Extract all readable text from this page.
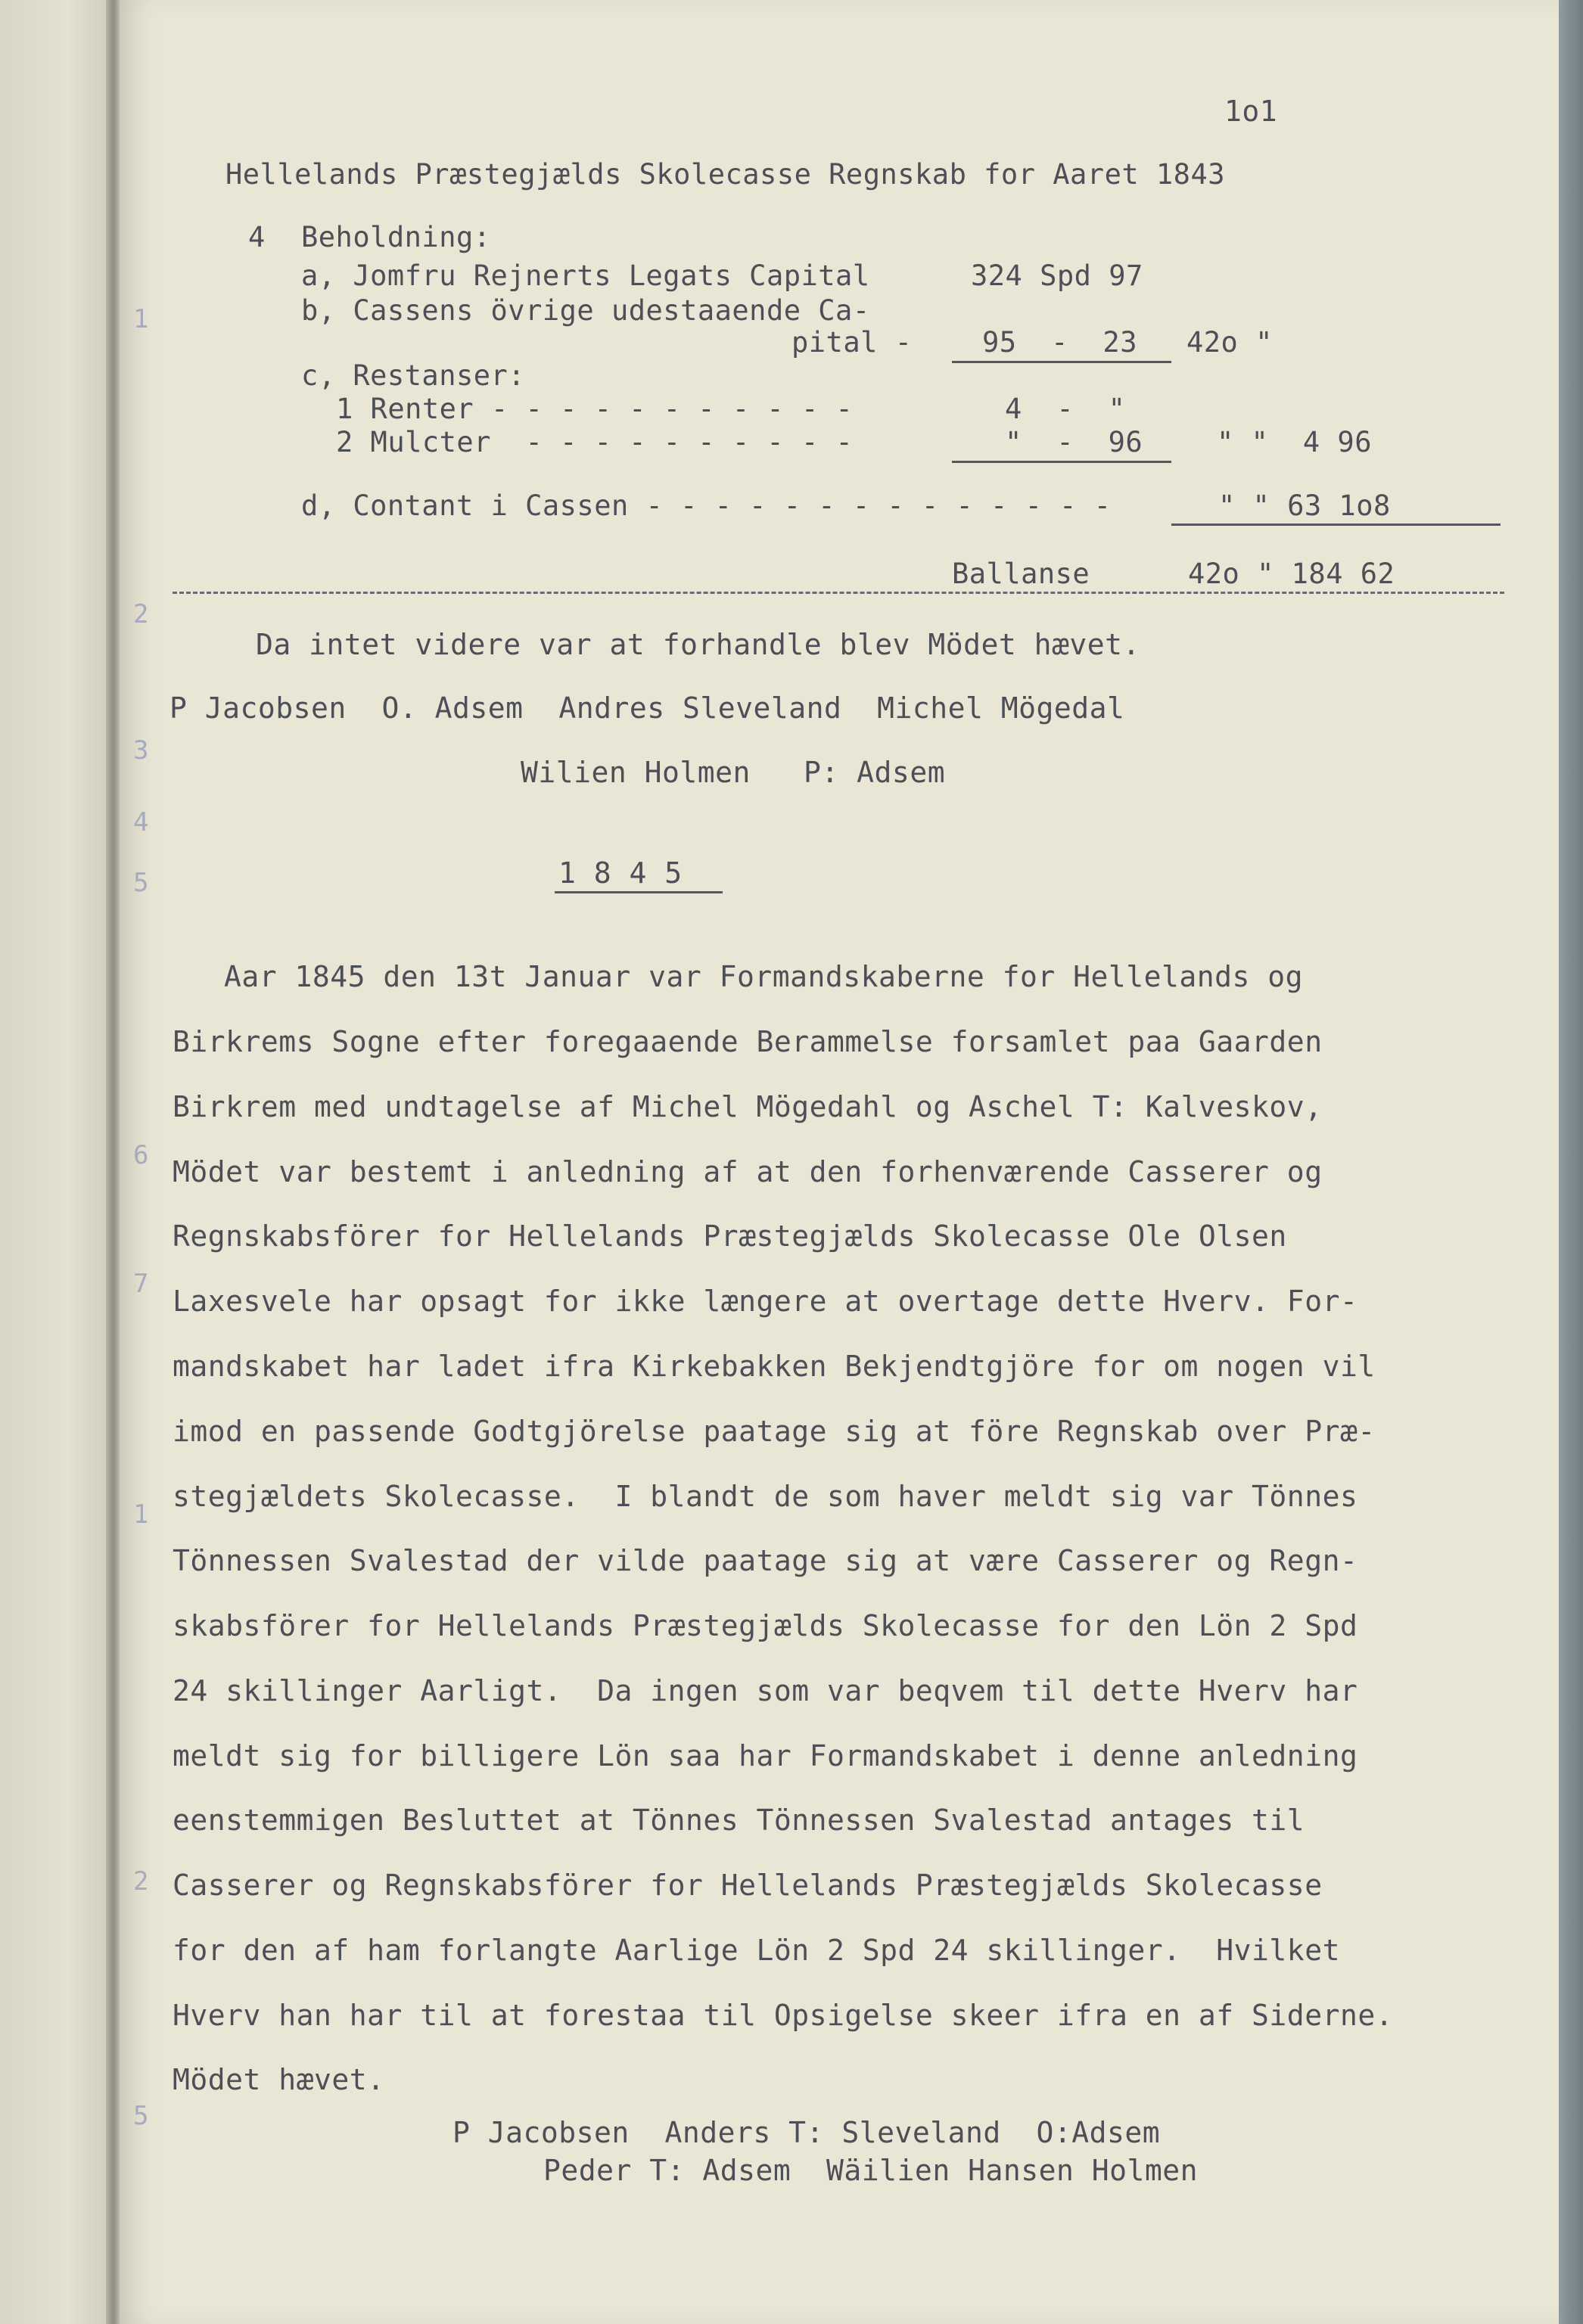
1
2
3
4
5
6
7
1
2
5
1o1
Hellelands Præstegjælds Skolecasse Regnskab for Aaret 1843
4 Beholdning:
a, Jomfru Rejnerts Legats Capital	324 Spd 97
b, Cassens övrige udestaaende Ca-
pital -	95  -  23 42o "
c, Restanser:
1 Renter - - - - - - - - - - -	4  -  "
2 Mulcter  - - - - - - - - - -	"  -  96	" "  4 96
d, Contant i Cassen - - - - - - - - - - - - - -	" " 63 1o8
Ballanse	42o " 184 62
Da intet videre var at forhandle blev Mödet hævet.
P Jacobsen  O. Adsem  Andres Sleveland  Michel Mögedal
Wilien Holmen   P: Adsem
1 8 4 5
Aar 1845 den 13t Januar var Formandskaberne for Hellelands og
Birkrems Sogne efter foregaaende Berammelse forsamlet paa Gaarden
Birkrem med undtagelse af Michel Mögedahl og Aschel T: Kalveskov,
Mödet var bestemt i anledning af at den forhenværende Casserer og
Regnskabsförer for Hellelands Præstegjælds Skolecasse Ole Olsen
Laxesvele har opsagt for ikke længere at overtage dette Hverv. For-
mandskabet har ladet ifra Kirkebakken Bekjendtgjöre for om nogen vil
imod en passende Godtgjörelse paatage sig at före Regnskab over Præ-
stegjældets Skolecasse.  I blandt de som haver meldt sig var Tönnes
Tönnessen Svalestad der vilde paatage sig at være Casserer og Regn-
skabsförer for Hellelands Præstegjælds Skolecasse for den Lön 2 Spd
24 skillinger Aarligt.  Da ingen som var beqvem til dette Hverv har
meldt sig for billigere Lön saa har Formandskabet i denne anledning
eenstemmigen Besluttet at Tönnes Tönnessen Svalestad antages til
Casserer og Regnskabsförer for Hellelands Præstegjælds Skolecasse
for den af ham forlangte Aarlige Lön 2 Spd 24 skillinger.  Hvilket
Hverv han har til at forestaa til Opsigelse skeer ifra en af Siderne.
Mödet hævet.
P Jacobsen  Anders T: Sleveland  O:Adsem
Peder T: Adsem  Wäilien Hansen Holmen
